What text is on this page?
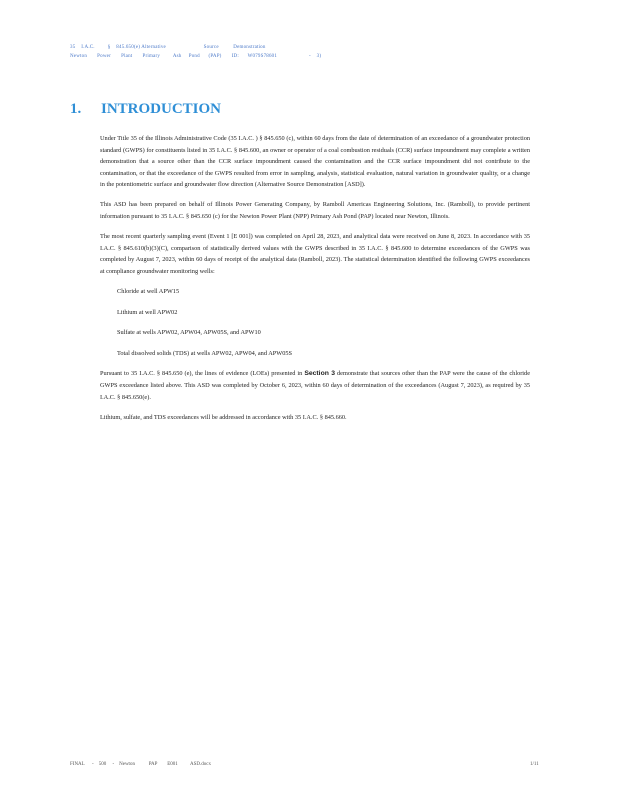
35    I.A.C.         §    845.650(e) Alternative                          Source          Demonstration
Newton       Power       Plant       Primary         Ash     Pond      (PAP)       ID:      W079S78601                      -    3)
1. INTRODUCTION

Under Title 35 of the Illinois Administrative Code (35 I.A.C. ) § 845.650 (c), within 60 days from the date of determination of an exceedance of a groundwater protection standard (GWPS) for constituents listed in 35 I.A.C. § 845.600, an owner or operator of a coal combustion residuals (CCR) surface impoundment may complete a written demonstration that a source other than the CCR surface impoundment caused the contamination and the CCR surface impoundment did not contribute to the contamination, or that the exceedance of the GWPS resulted from error in sampling, analysis, statistical evaluation, natural variation in groundwater quality, or a change in the potentiometric surface and groundwater flow direction (Alternative Source Demonstration [ASD]).

This ASD has been prepared on behalf of Illinois Power Generating Company, by Ramboll Americas Engineering Solutions, Inc. (Ramboll), to provide pertinent information pursuant to 35 I.A.C. § 845.650 (c) for the Newton Power Plant (NPP) Primary Ash Pond (PAP) located near Newton, Illinois.

The most recent quarterly sampling event (Event 1 [E 001]) was completed on April 28, 2023, and analytical data were received on June 8, 2023. In accordance with 35 I.A.C. § 845.610(b)(3)(C), comparison of statistically derived values with the GWPS described in 35 I.A.C. § 845.600 to determine exceedances of the GWPS was completed by August 7, 2023, within 60 days of receipt of the analytical data (Ramboll, 2023). The statistical determination identified the following GWPS exceedances at compliance groundwater monitoring wells:

Chloride at well APW15
Lithium at well APW02
Sulfate at wells APW02, APW04, APW05S, and APW10
Total dissolved solids (TDS) at wells APW02, APW04, and APW05S

Pursuant to 35 I.A.C. § 845.650 (e), the lines of evidence (LOEs) presented in Section 3 demonstrate that sources other than the PAP were the cause of the chloride GWPS exceedance listed above. This ASD was completed by October 6, 2023, within 60 days of determination of the exceedances (August 7, 2023), as required by 35 I.A.C. § 845.650(e).

Lithium, sulfate, and TDS exceedances will be addressed in accordance with 35 I.A.C. § 845.660.

FINAL      -    500     -    Newton           PAP        E001          ASD.docx	1/11
